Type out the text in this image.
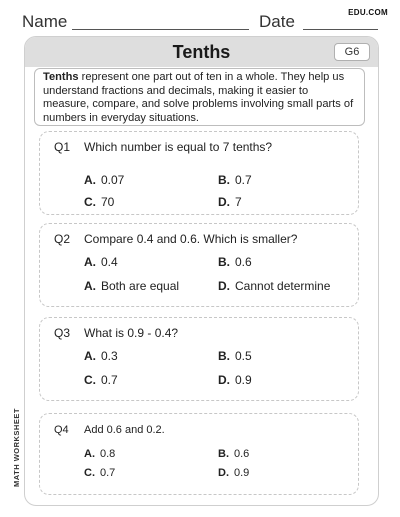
Name	Date	EDU.COM
Tenths	G6
Tenths represent one part out of ten in a whole. They help us understand fractions and decimals, making it easier to measure, compare, and solve problems involving small parts of numbers in everyday situations.
Q1 Which number is equal to 7 tenths?
A. 0.07	B. 0.7
C. 70	D. 7
Q2 Compare 0.4 and 0.6. Which is smaller?
A. 0.4	B. 0.6
A. Both are equal	D. Cannot determine
Q3 What is 0.9 - 0.4?
A. 0.3	B. 0.5
C. 0.7	D. 0.9
Q4 Add 0.6 and 0.2.
A. 0.8	B. 0.6
C. 0.7	D. 0.9
MATH WORKSHEET
